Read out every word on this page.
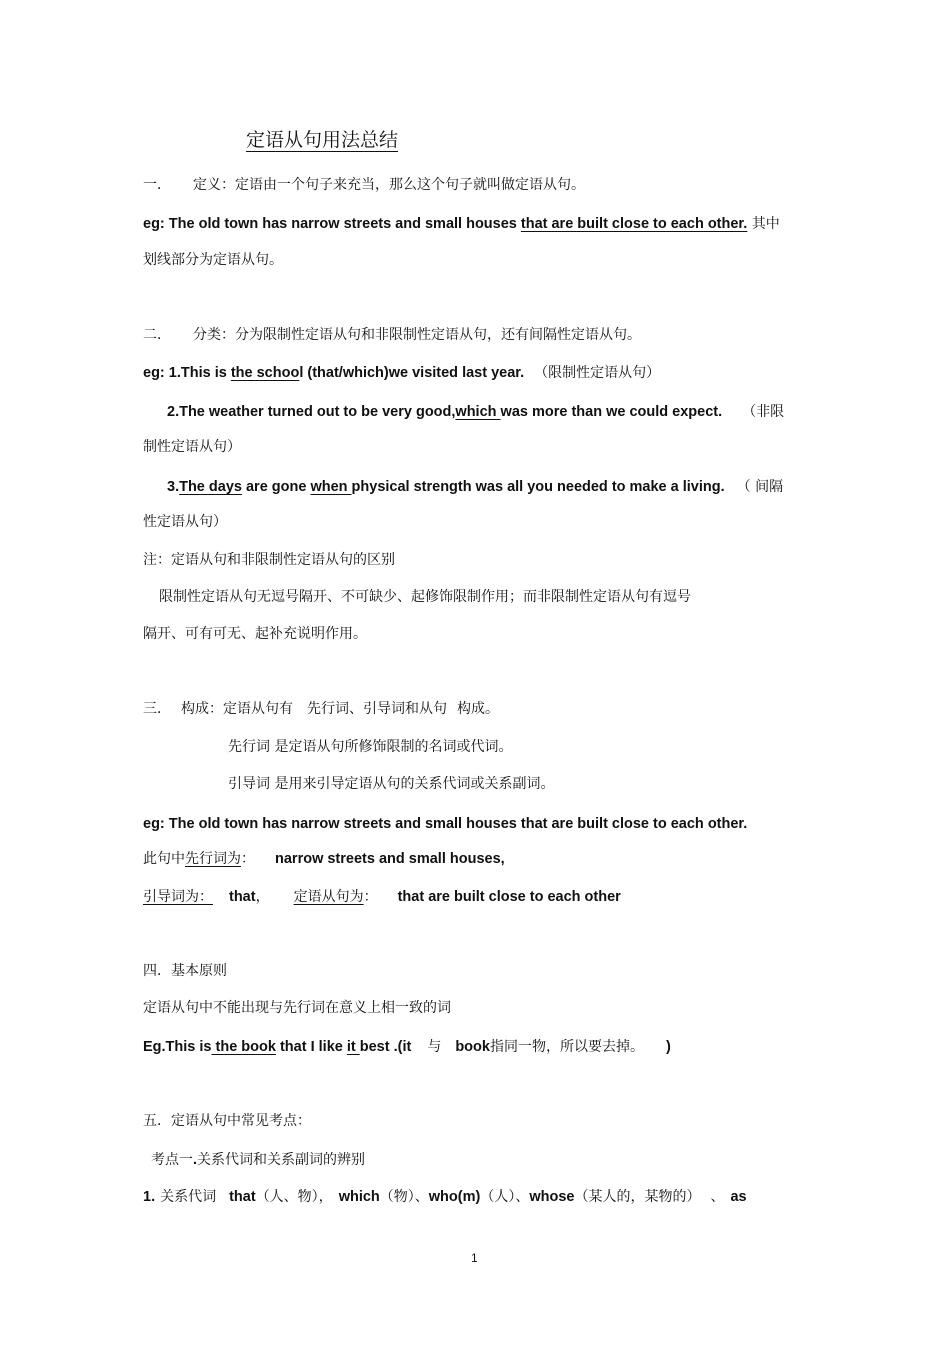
定语从句用法总结
一． 定义：定语由一个句子来充当，那么这个句子就叫做定语从句。
eg: The old town has narrow streets and small houses that are built close to each other. 其中
划线部分为定语从句。
二． 分类：分为限制性定语从句和非限制性定语从句，还有间隔性定语从句。
eg: 1.This is the school (that/which)we visited last year. （限制性定语从句）
2.The weather turned out to be very good,which was more than we could expect. （非限
制性定语从句）
3.The days are gone when physical strength was all you needed to make a living. （ 间隔
性定语从句）
注：定语从句和非限制性定语从句的区别
限制性定语从句无逗号隔开、不可缺少、起修饰限制作用；而非限制性定语从句有逗号
隔开、可有可无、起补充说明作用。
三． 构成：定语从句有 先行词、引导词和从句 构成。
先行词 是定语从句所修饰限制的名词或代词。
引导词 是用来引导定语从句的关系代词或关系副词。
eg: The old town has narrow streets and small houses that are built close to each other.
此句中先行词为： narrow streets and small houses,
引导词为： that， 定语从句为： that are built close to each other
四．基本原则
定语从句中不能出现与先行词在意义上相一致的词
Eg.This is the book that I like it best .(it 与 book指同一物，所以要去掉。 )
五．定语从句中常见考点：
考点一.关系代词和关系副词的辨别
1. 关系代词 that（人、物）， which（物）、who(m)（人）、whose（某人的，某物的） 、 as
1
